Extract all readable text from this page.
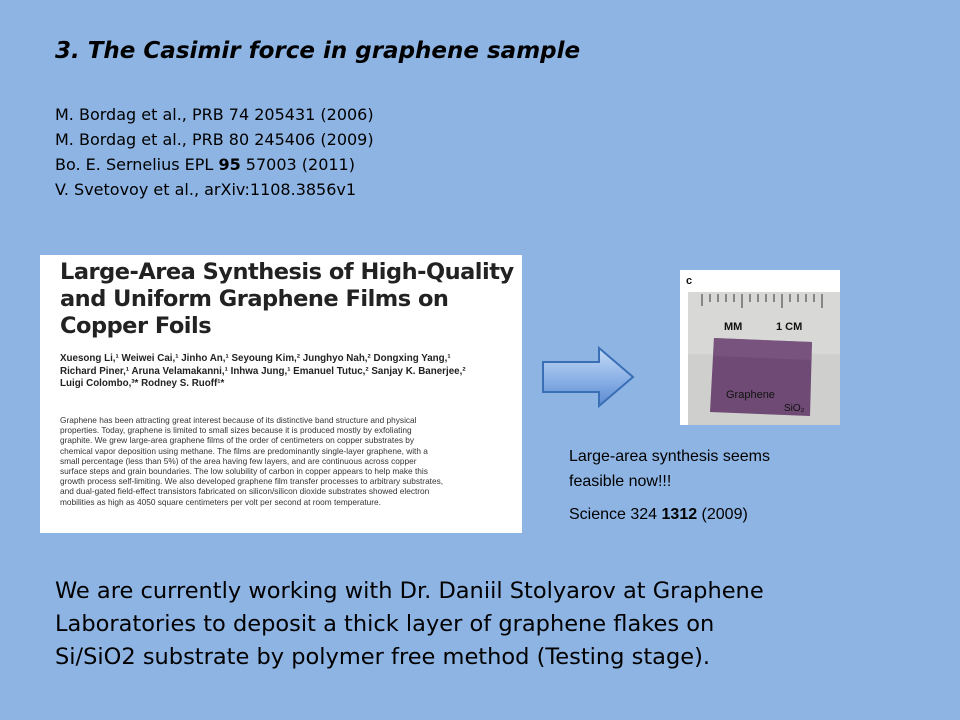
3. The Casimir force in graphene sample
M. Bordag et al., PRB 74 205431 (2006)
M. Bordag et al., PRB 80 245406 (2009)
Bo. E. Sernelius EPL 95 57003 (2011)
V. Svetovoy et al., arXiv:1108.3856v1
Large-Area Synthesis of High-Quality
and Uniform Graphene Films on
Copper Foils
Xuesong Li,¹ Weiwei Cai,¹ Jinho An,¹ Seyoung Kim,² Junghyo Nah,² Dongxing Yang,¹
Richard Piner,¹ Aruna Velamakanni,¹ Inhwa Jung,¹ Emanuel Tutuc,² Sanjay K. Banerjee,²
Luigi Colombo,³* Rodney S. Ruoff¹*
Graphene has been attracting great interest because of its distinctive band structure and physical
properties. Today, graphene is limited to small sizes because it is produced mostly by exfoliating
graphite. We grew large-area graphene films of the order of centimeters on copper substrates by
chemical vapor deposition using methane. The films are predominantly single-layer graphene, with a
small percentage (less than 5%) of the area having few layers, and are continuous across copper
surface steps and grain boundaries. The low solubility of carbon in copper appears to help make this
growth process self-limiting. We also developed graphene film transfer processes to arbitrary substrates,
and dual-gated field-effect transistors fabricated on silicon/silicon dioxide substrates showed electron
mobilities as high as 4050 square centimeters per volt per second at room temperature.
c
MM	1 CM
Graphene
SiO₂
Large-area synthesis seems
feasible now!!!
Science 324 1312 (2009)
We are currently working with Dr. Daniil Stolyarov at Graphene
Laboratories to deposit a thick layer of graphene flakes on
Si/SiO2 substrate by polymer free method (Testing stage).
